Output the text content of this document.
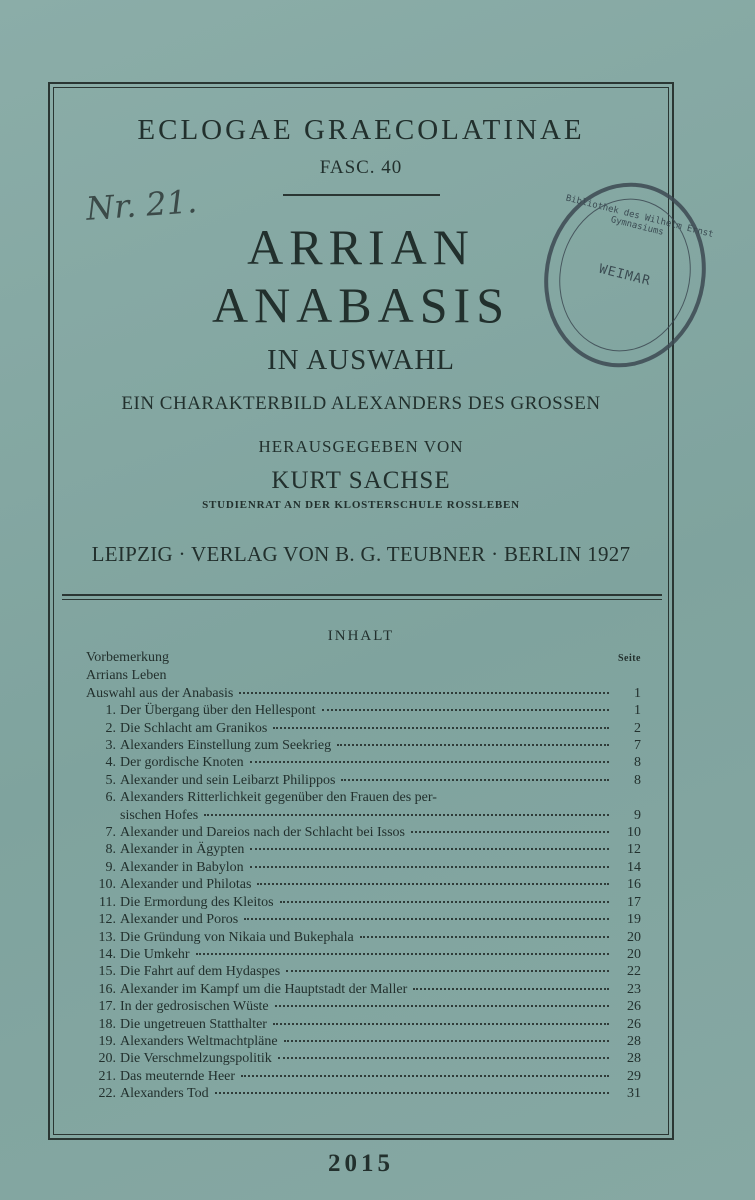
ECLOGAE GRAECOLATINAE
FASC. 40
Nr. 21.
ARRIAN
ANABASIS
IN AUSWAHL
EIN CHARAKTERBILD ALEXANDERS DES GROSSEN
HERAUSGEGEBEN VON
KURT SACHSE
STUDIENRAT AN DER KLOSTERSCHULE ROSSLEBEN
LEIPZIG · VERLAG VON B. G. TEUBNER · BERLIN 1927
Bibliothek des Wilhelm Ernst Gymnasiums
WEIMAR
INHALT
Vorbemerkung	Seite
Arrians Leben
Auswahl aus der Anabasis	1
1. Der Übergang über den Hellespont	1
2. Die Schlacht am Granikos	2
3. Alexanders Einstellung zum Seekrieg	7
4. Der gordische Knoten	8
5. Alexander und sein Leibarzt Philippos	8
6. Alexanders Ritterlichkeit gegenüber den Frauen des per-
sischen Hofes	9
7. Alexander und Dareios nach der Schlacht bei Issos	10
8. Alexander in Ägypten	12
9. Alexander in Babylon	14
10. Alexander und Philotas	16
11. Die Ermordung des Kleitos	17
12. Alexander und Poros	19
13. Die Gründung von Nikaia und Bukephala	20
14. Die Umkehr	20
15. Die Fahrt auf dem Hydaspes	22
16. Alexander im Kampf um die Hauptstadt der Maller	23
17. In der gedrosischen Wüste	26
18. Die ungetreuen Statthalter	26
19. Alexanders Weltmachtpläne	28
20. Die Verschmelzungspolitik	28
21. Das meuternde Heer	29
22. Alexanders Tod	31
2015
